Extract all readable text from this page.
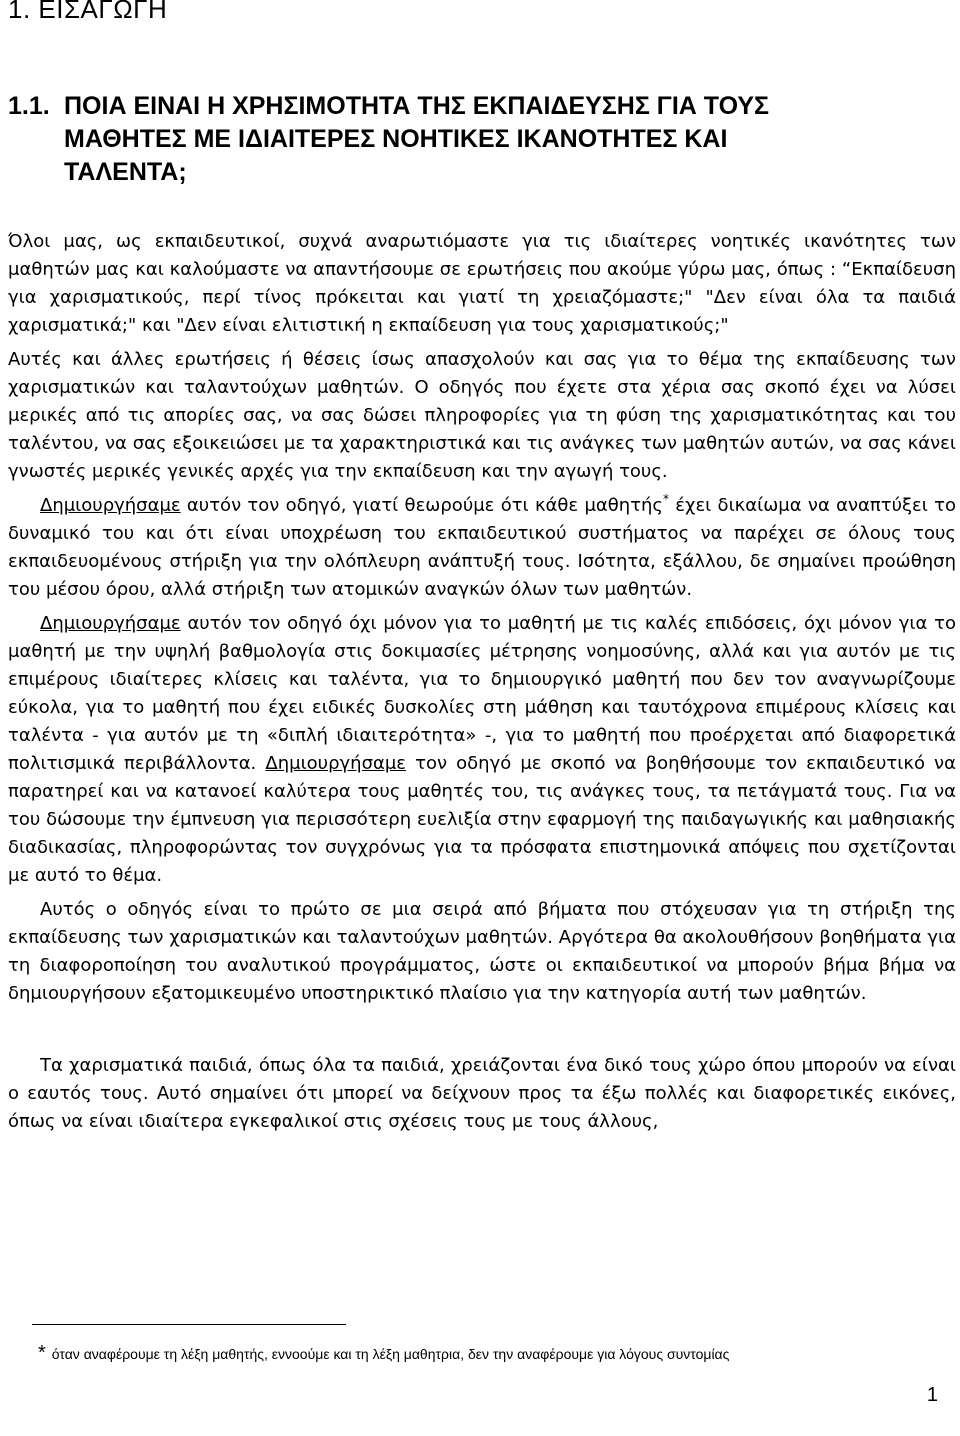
1. ΕΙΣΑΓΩΓΗ
1.1. ΠΟΙΑ ΕΙΝΑΙ Η ΧΡΗΣΙΜΟΤΗΤΑ ΤΗΣ ΕΚΠΑΙΔΕΥΣΗΣ ΓΙΑ ΤΟΥΣ
ΜΑΘΗΤΕΣ ΜΕ ΙΔΙΑΙΤΕΡΕΣ ΝΟΗΤΙΚΕΣ ΙΚΑΝΟΤΗΤΕΣ ΚΑΙ
ΤΑΛΕΝΤΑ;

Όλοι μας, ως εκπαιδευτικοί, συχνά αναρωτιόμαστε για τις ιδιαίτερες νοητικές ικανότητες των μαθητών μας και καλούμαστε να απαντήσουμε σε ερωτήσεις που ακούμε γύρω μας, όπως : “Εκπαίδευση για χαρισματικούς, περί τίνος πρόκειται και γιατί τη χρειαζόμαστε;" "Δεν είναι όλα τα παιδιά χαρισματικά;" και "Δεν είναι ελιτιστική η εκπαίδευση για τους χαρισματικούς;"

Αυτές και άλλες ερωτήσεις ή θέσεις ίσως απασχολούν και σας για το θέμα της εκπαίδευσης των χαρισματικών και ταλαντούχων μαθητών. Ο οδηγός που έχετε στα χέρια σας σκοπό έχει να λύσει μερικές από τις απορίες σας, να σας δώσει πληροφορίες για τη φύση της χαρισματικότητας και του ταλέντου, να σας εξοικειώσει με τα χαρακτηριστικά και τις ανάγκες των μαθητών αυτών, να σας κάνει γνωστές μερικές γενικές αρχές για την εκπαίδευση και την αγωγή τους.

Δημιουργήσαμε αυτόν τον οδηγό, γιατί θεωρούμε ότι κάθε μαθητής* έχει δικαίωμα να αναπτύξει το δυναμικό του και ότι είναι υποχρέωση του εκπαιδευτικού συστήματος να παρέχει σε όλους τους εκπαιδευομένους στήριξη για την ολόπλευρη ανάπτυξή τους. Ισότητα, εξάλλου, δε σημαίνει προώθηση του μέσου όρου, αλλά στήριξη των ατομικών αναγκών όλων των μαθητών.

Δημιουργήσαμε αυτόν τον οδηγό όχι μόνον για το μαθητή με τις καλές επιδόσεις, όχι μόνον για το μαθητή με την υψηλή βαθμολογία στις δοκιμασίες μέτρησης νοημοσύνης, αλλά και για αυτόν με τις επιμέρους ιδιαίτερες κλίσεις και ταλέντα, για το δημιουργικό μαθητή που δεν τον αναγνωρίζουμε εύκολα, για το μαθητή που έχει ειδικές δυσκολίες στη μάθηση και ταυτόχρονα επιμέρους κλίσεις και ταλέντα - για αυτόν με τη «διπλή ιδιαιτερότητα» -, για το μαθητή που προέρχεται από διαφορετικά πολιτισμικά περιβάλλοντα. Δημιουργήσαμε τον οδηγό με σκοπό να βοηθήσουμε τον εκπαιδευτικό να παρατηρεί και να κατανοεί καλύτερα τους μαθητές του, τις ανάγκες τους, τα πετάγματά τους. Για να του δώσουμε την έμπνευση για περισσότερη ευελιξία στην εφαρμογή της παιδαγωγικής και μαθησιακής διαδικασίας, πληροφορώντας τον συγχρόνως για τα πρόσφατα επιστημονικά απόψεις που σχετίζονται με αυτό το θέμα.

Αυτός ο οδηγός είναι το πρώτο σε μια σειρά από βήματα που στόχευσαν για τη στήριξη της εκπαίδευσης των χαρισματικών και ταλαντούχων μαθητών. Αργότερα θα ακολουθήσουν βοηθήματα για τη διαφοροποίηση του αναλυτικού προγράμματος, ώστε οι εκπαιδευτικοί να μπορούν βήμα βήμα να δημιουργήσουν εξατομικευμένο υποστηρικτικό πλαίσιο για την κατηγορία αυτή των μαθητών.

Τα χαρισματικά παιδιά, όπως όλα τα παιδιά, χρειάζονται ένα δικό τους χώρο όπου μπορούν να είναι ο εαυτός τους. Αυτό σημαίνει ότι μπορεί να δείχνουν προς τα έξω πολλές και διαφορετικές εικόνες, όπως να είναι ιδιαίτερα εγκεφαλικοί στις σχέσεις τους με τους άλλους,

* όταν αναφέρουμε τη λέξη μαθητής, εννοούμε και τη λέξη μαθητρια, δεν την αναφέρουμε για λόγους συντομίας
1
